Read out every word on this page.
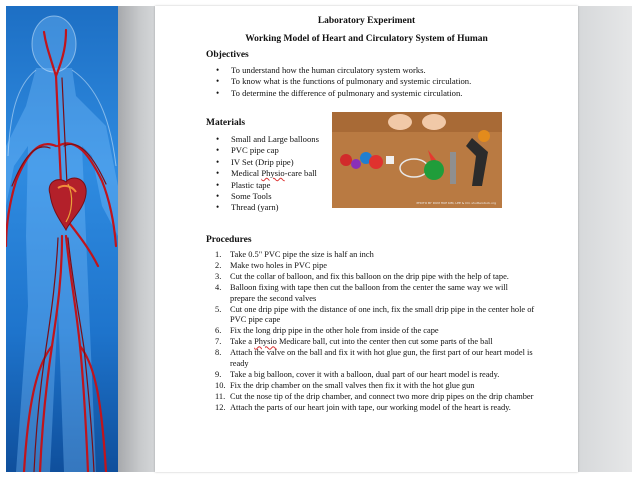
Laboratory Experiment
Working Model of Heart and Circulatory System of Human
Objectives
• To understand how the human circulatory system works.
• To know what is the functions of pulmonary and systemic circulation.
• To determine the difference of pulmonary and systemic circulation.
Materials
• Small and Large balloons
• PVC pipe cap
• IV Set (Drip pipe)
• Medical Physio-care ball
• Plastic tape
• Some Tools
• Thread (yarn)	PHOTO BY DUM HUE KIM, LEE & CO. shutterstock.org
Procedures
1.	Take 0.5" PVC pipe the size is half an inch
2.	Make two holes in PVC pipe
3.	Cut the collar of balloon, and fix this balloon on the drip pipe with the help of tape.
4.	Balloon fixing with tape then cut the balloon from the center the same way we will prepare the second valves
5.	Cut one drip pipe with the distance of one inch, fix the small drip pipe in the center hole of PVC pipe cape
6.	Fix the long drip pipe in the other hole from inside of the cape
7.	Take a Physio Medicare ball, cut into the center then cut some parts of the ball
8.	Attach the valve on the ball and fix it with hot glue gun, the first part of our heart model is ready
9.	Take a big balloon, cover it with a balloon, dual part of our heart model is ready.
10. Fix the drip chamber on the small valves then fix it with the hot glue gun
11. Cut the nose tip of the drip chamber, and connect two more drip pipes on the drip chamber
12. Attach the parts of our heart join with tape, our working model of the heart is ready.
